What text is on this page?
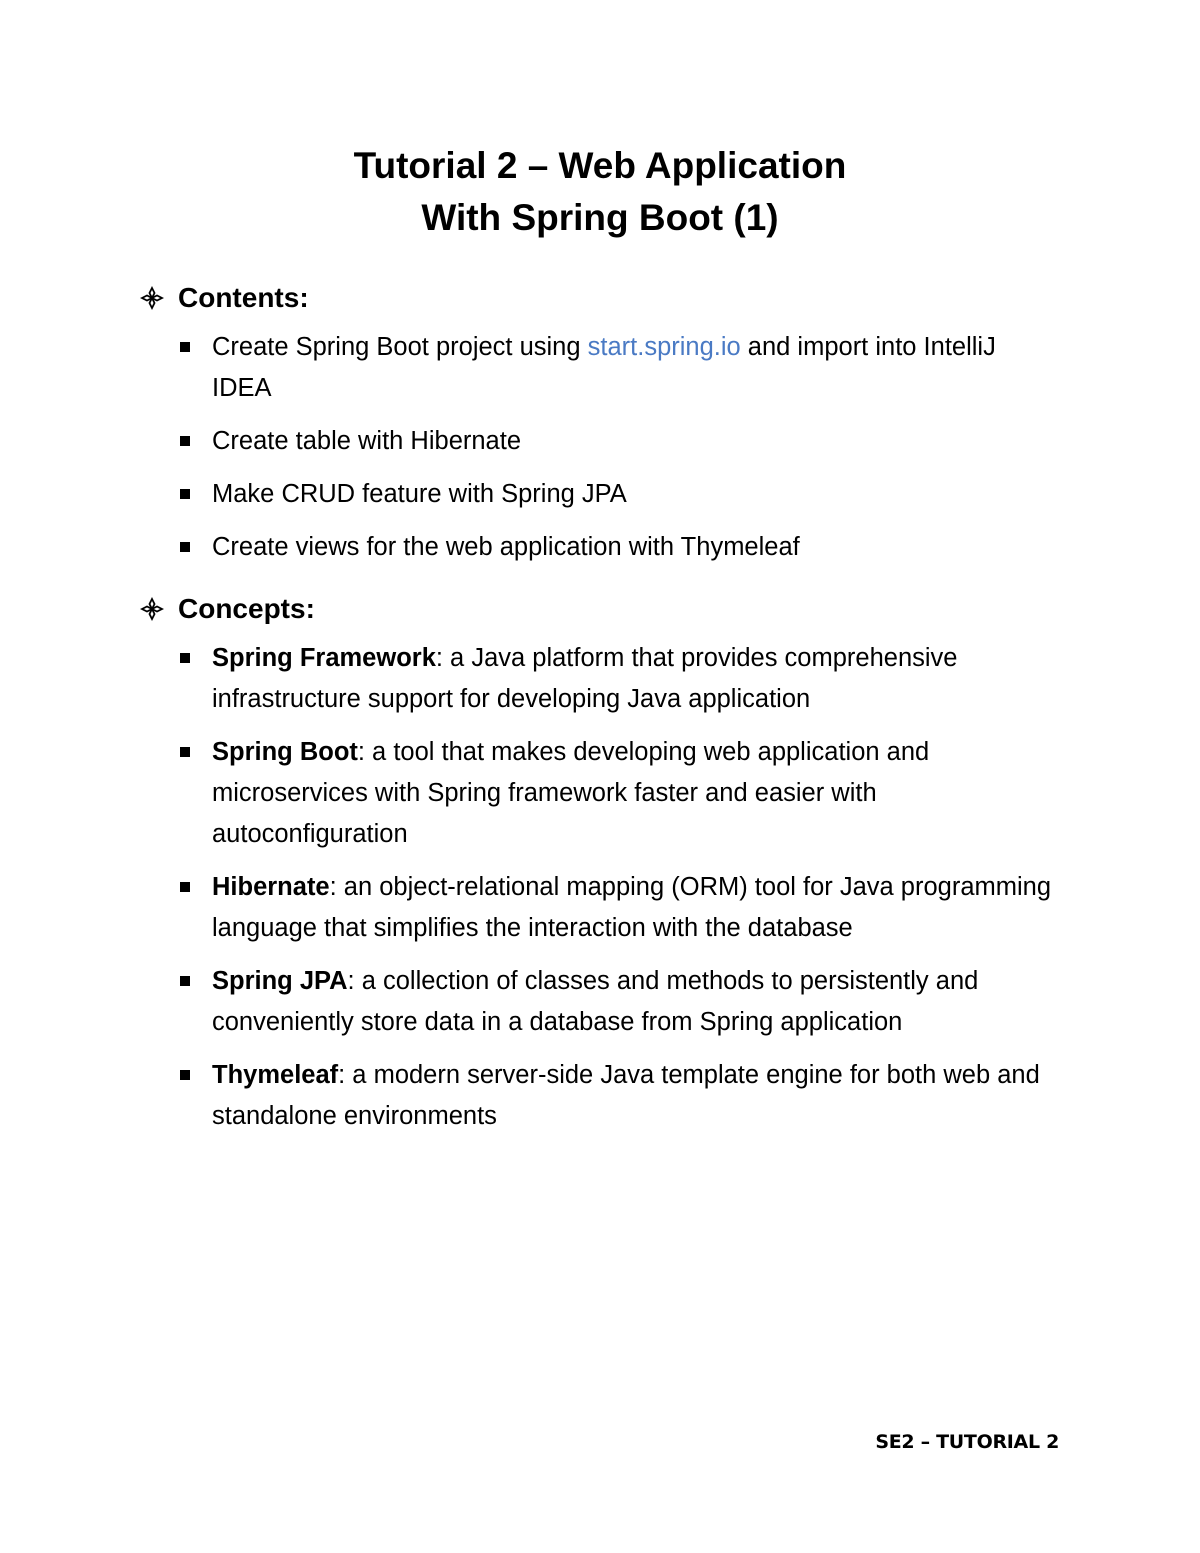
Tutorial 2 – Web Application
With Spring Boot (1)
Contents:
Create Spring Boot project using start.spring.io and import into IntelliJ IDEA
Create table with Hibernate
Make CRUD feature with Spring JPA
Create views for the web application with Thymeleaf
Concepts:
Spring Framework: a Java platform that provides comprehensive infrastructure support for developing Java application
Spring Boot: a tool that makes developing web application and microservices with Spring framework faster and easier with autoconfiguration
Hibernate: an object-relational mapping (ORM) tool for Java programming language that simplifies the interaction with the database
Spring JPA: a collection of classes and methods to persistently and conveniently store data in a database from Spring application
Thymeleaf: a modern server-side Java template engine for both web and standalone environments
SE2 – TUTORIAL 2
